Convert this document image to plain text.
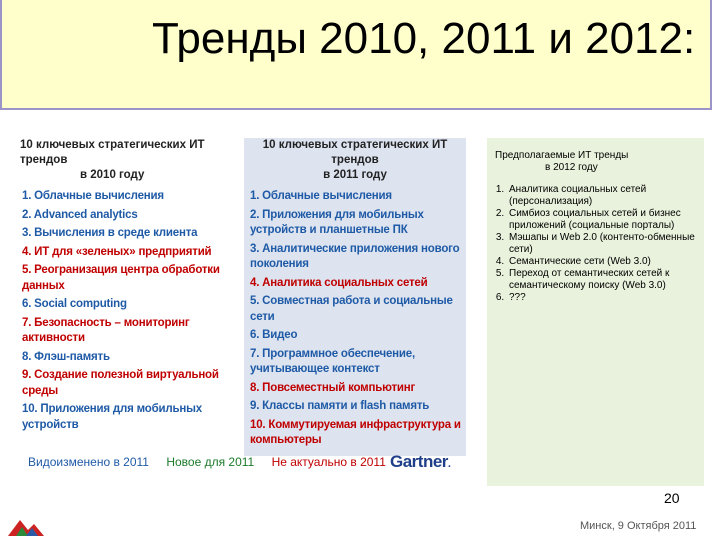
Тренды 2010, 2011 и 2012:
10 ключевых стратегических ИТ трендов
в 2010 году
1. Облачные вычисления
2. Advanced analytics
3. Вычисления в среде клиента
4. ИТ для «зеленых» предприятий
5. Реогранизация центра обработки данных
6. Social computing
7. Безопасность – мониторинг активности
8. Флэш-память
9. Создание полезной виртуальной среды
10. Приложения для мобильных устройств
10 ключевых стратегических ИТ трендов
в 2011 году
1. Облачные вычисления
2. Приложения для мобильных устройств и планшетные ПК
3. Аналитические приложения нового поколения
4. Аналитика социальных сетей
5. Совместная работа и социальные сети
6. Видео
7. Программное обеспечение, учитывающее контекст
8. Повсеместный компьютинг
9. Классы памяти и flash память
10. Коммутируемая инфраструктура и компьютеры
Предполагаемые ИТ тренды
в 2012 году
1. Аналитика социальных сетей (персонализация)
2. Симбиоз социальных сетей и бизнес приложений (социальные порталы)
3. Мэшапы и Web 2.0 (контенто-обменные сети)
4. Семантические сети (Web 3.0)
5. Переход от семантических сетей к семантическому поиску (Web 3.0)
6. ???
Видоизменено в 2011 Новое для 2011 Не актуально в 2011 Gartner.
20
Минск, 9 Октября 2011
